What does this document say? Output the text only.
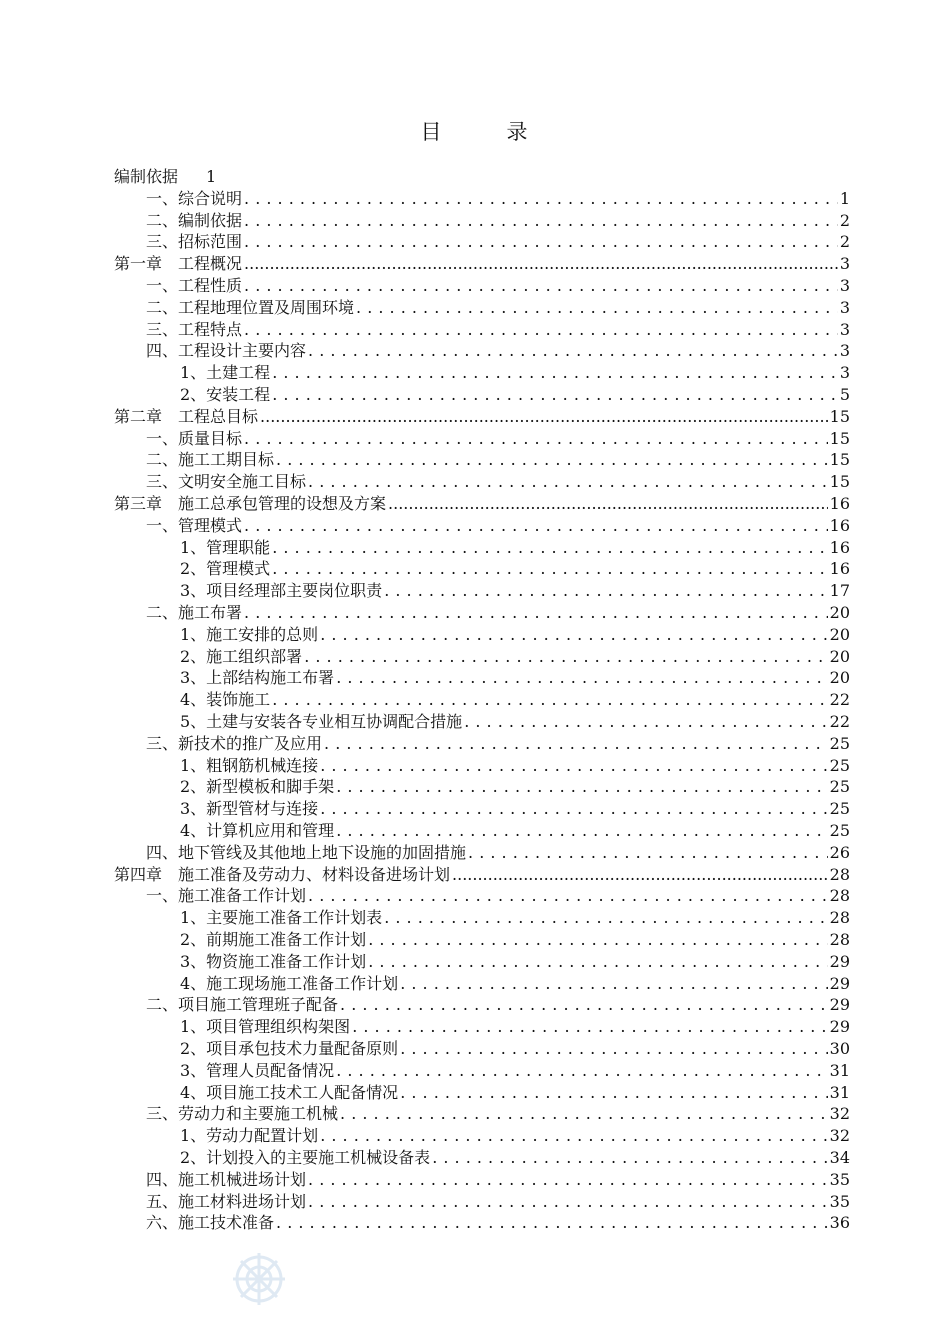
目　录
编制依据 1
一、综合说明 . . .	1
二、编制依据 . . .	2
三、招标范围 . . .	2
第一章　工程概况 .....	3
一、工程性质 . . .	3
二、工程地理位置及周围环境 . . .	3
三、工程特点 . . .	3
四、工程设计主要内容 . . .	3
1、土建工程 . . .	3
2、安装工程 . . .	5
第二章　工程总目标 .....	15
一、质量目标 . . .	15
二、施工工期目标 . . .	15
三、文明安全施工目标 . . .	15
第三章　施工总承包管理的设想及方案 .....	16
一、管理模式 . . .	16
1、管理职能 . . .	16
2、管理模式 . . .	16
3、项目经理部主要岗位职责 . . .	17
二、施工布署 . . .	20
1、施工安排的总则 . . .	20
2、施工组织部署 . . .	20
3、上部结构施工布署 . . .	20
4、装饰施工 . . .	22
5、土建与安装各专业相互协调配合措施 . . .	22
三、新技术的推广及应用 . . .	25
1、粗钢筋机械连接 . . .	25
2、新型模板和脚手架 . . .	25
3、新型管材与连接 . . .	25
4、计算机应用和管理 . . .	25
四、地下管线及其他地上地下设施的加固措施 . . .	26
第四章　施工准备及劳动力、材料设备进场计划 .....	28
一、施工准备工作计划 . . .	28
1、主要施工准备工作计划表 . . .	28
2、前期施工准备工作计划 . . .	28
3、物资施工准备工作计划 . . .	29
4、施工现场施工准备工作计划 . . .	29
二、项目施工管理班子配备 . . .	29
1、项目管理组织构架图 . . .	29
2、项目承包技术力量配备原则 . . .	30
3、管理人员配备情况 . . .	31
4、项目施工技术工人配备情况 . . .	31
三、劳动力和主要施工机械 . . .	32
1、劳动力配置计划 . . .	32
2、计划投入的主要施工机械设备表 . . .	34
四、施工机械进场计划 . . .	35
五、施工材料进场计划 . . .	35
六、施工技术准备 . . .	36
